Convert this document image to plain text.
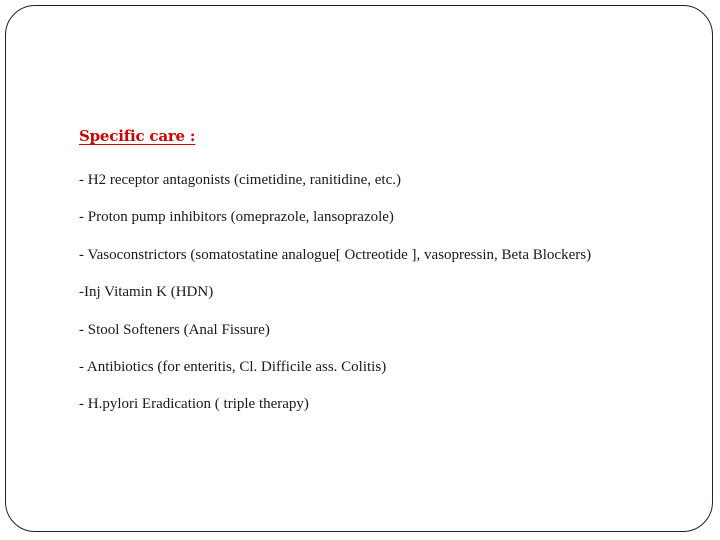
Specific care :
- H2 receptor antagonists (cimetidine, ranitidine, etc.)
- Proton pump inhibitors (omeprazole, lansoprazole)
- Vasoconstrictors (somatostatine analogue[ Octreotide ], vasopressin, Beta Blockers)
-Inj Vitamin K (HDN)
- Stool Softeners (Anal Fissure)
- Antibiotics (for enteritis, Cl. Difficile ass. Colitis)
- H.pylori Eradication ( triple therapy)
